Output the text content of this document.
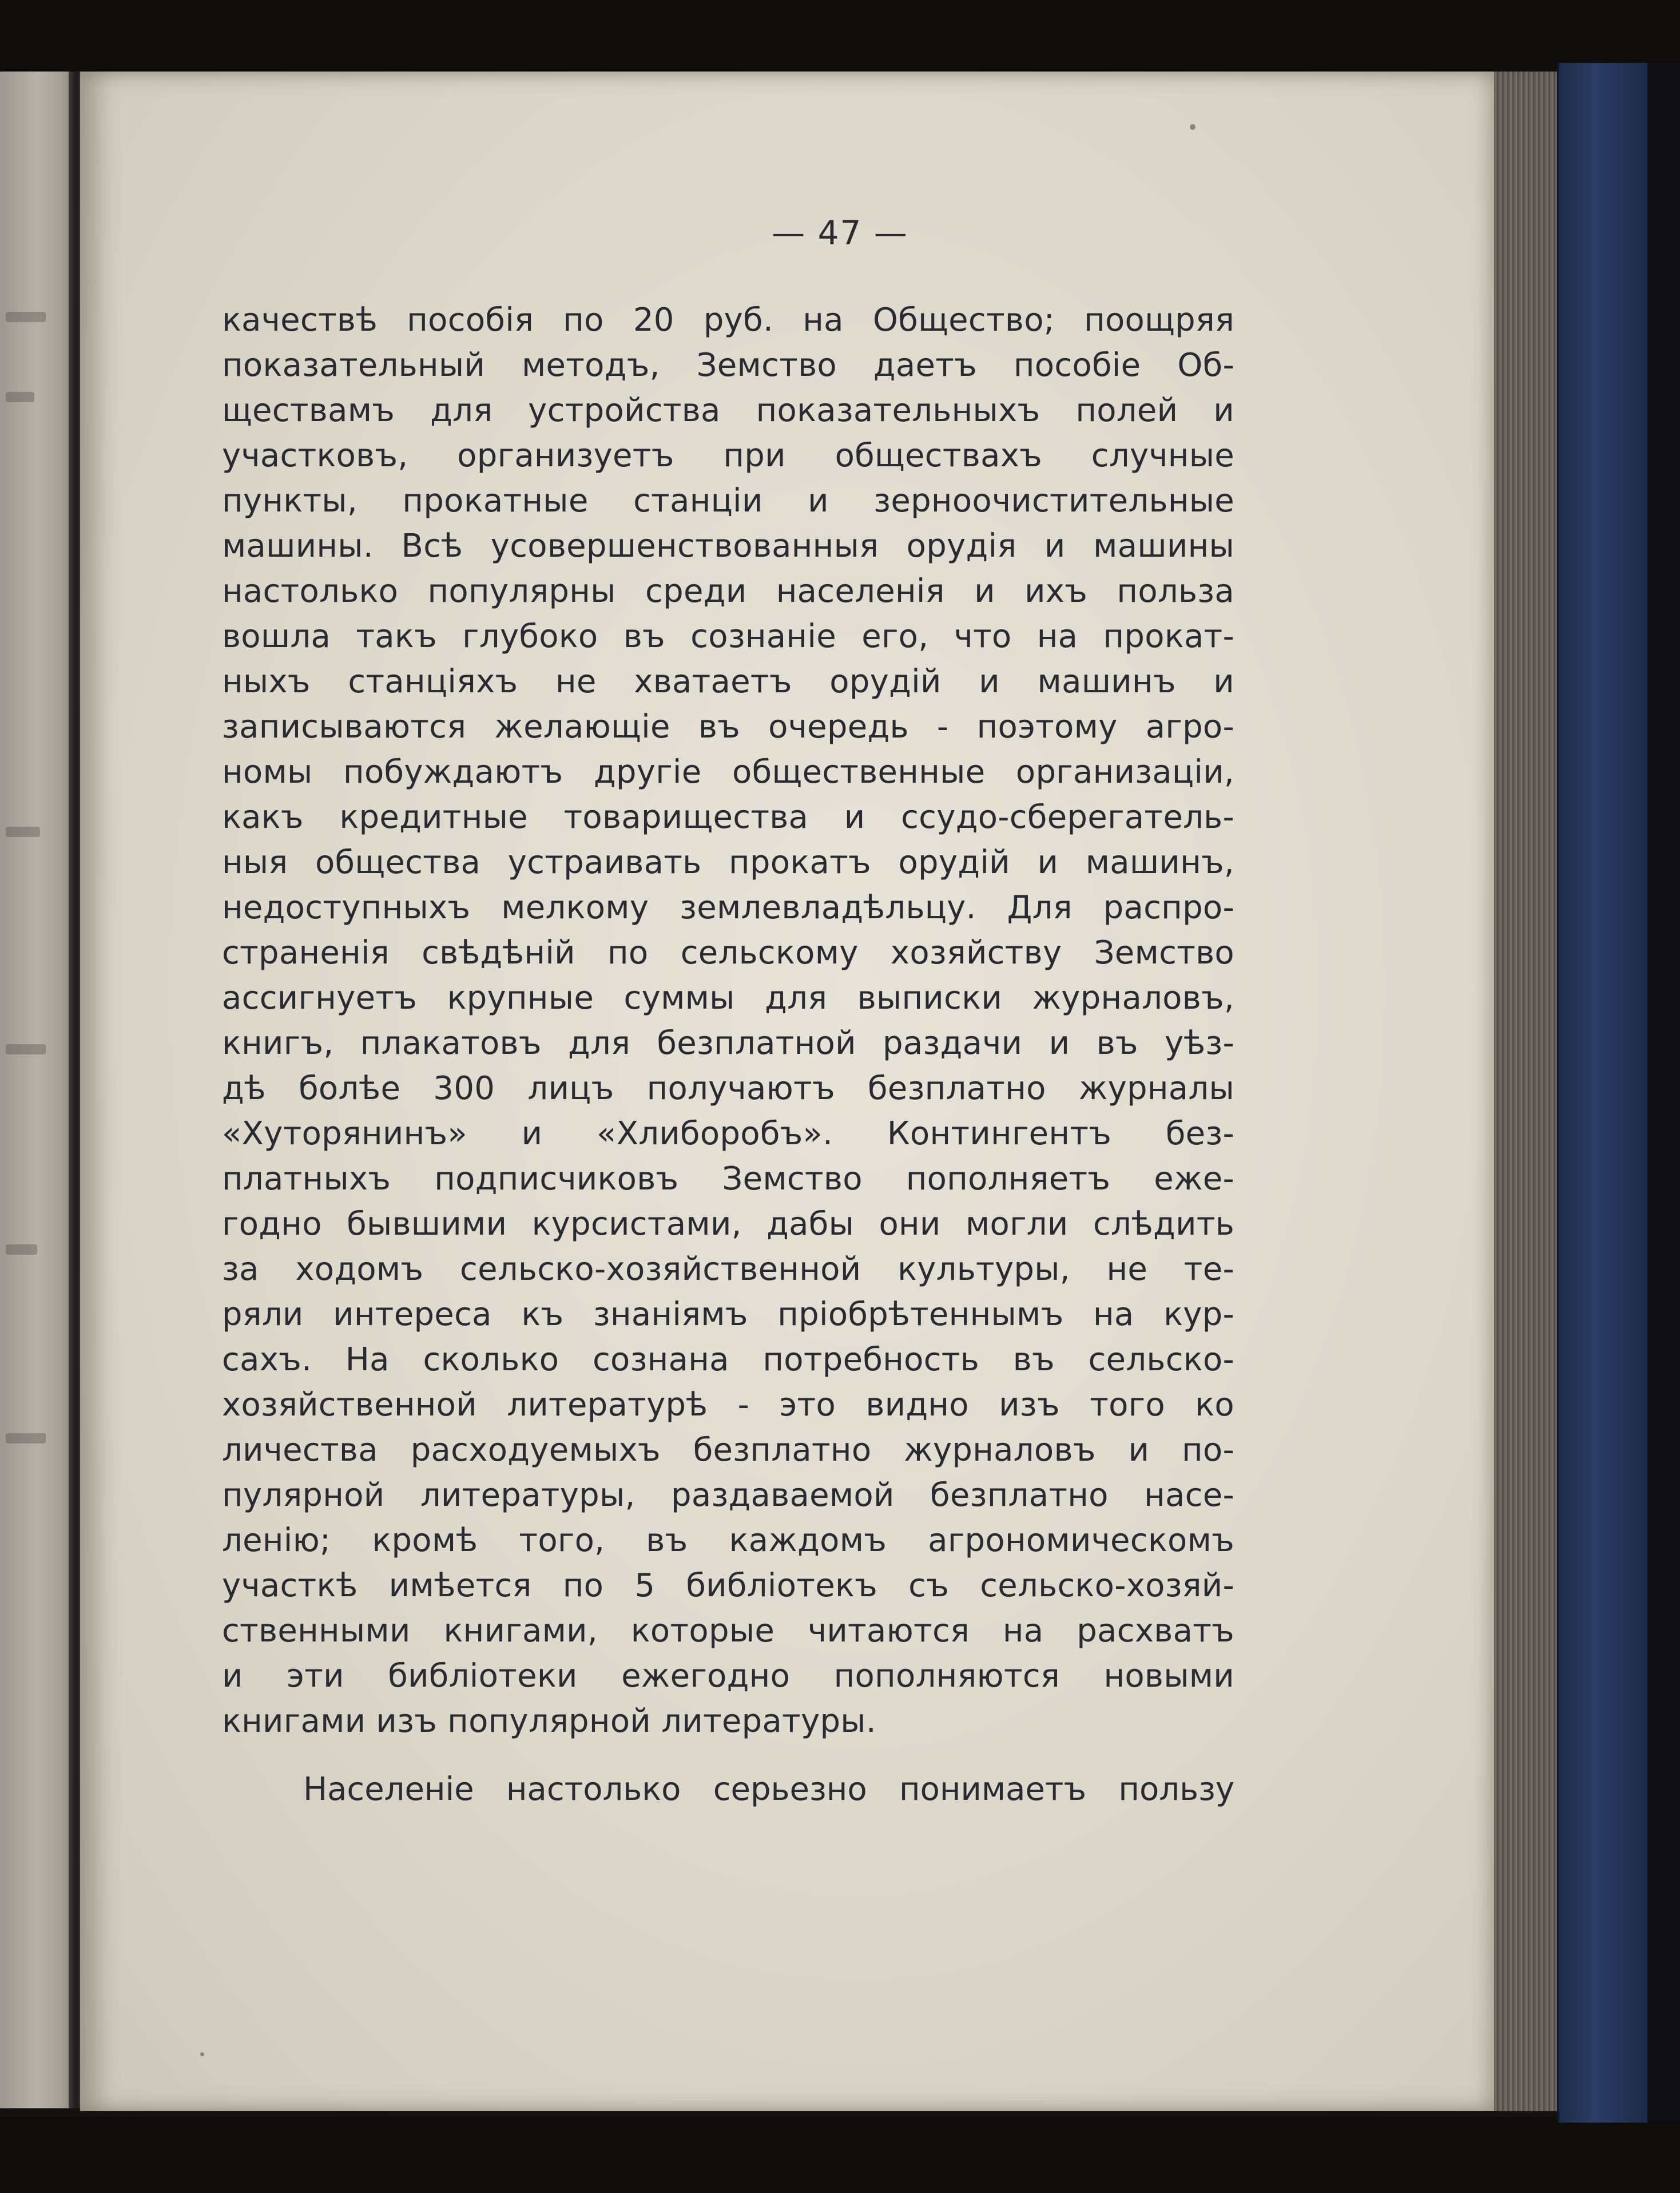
— 47 —

качествѣ пособія по 20 руб. на Общество; поощряя
показательный методъ, Земство даетъ пособіе Об-
ществамъ для устройства показательныхъ полей и
участковъ, организуетъ при обществахъ случные
пункты, прокатные станціи и зерноочистительные
машины. Всѣ усовершенствованныя орудія и машины
настолько популярны среди населенія и ихъ польза
вошла такъ глубоко въ сознаніе его, что на прокат-
ныхъ станціяхъ не хватаетъ орудій и машинъ и
записываются желающіе въ очередь - поэтому агро-
номы побуждаютъ другіе общественные организаціи,
какъ кредитные товарищества и ссудо-сберегатель-
ныя общества устраивать прокатъ орудій и машинъ,
недоступныхъ мелкому землевладѣльцу. Для распро-
страненія свѣдѣній по сельскому хозяйству Земство
ассигнуетъ крупные суммы для выписки журналовъ,
книгъ, плакатовъ для безплатной раздачи и въ уѣз-
дѣ болѣе 300 лицъ получаютъ безплатно журналы
«Хуторянинъ» и «Хлиборобъ». Контингентъ без-
платныхъ подписчиковъ Земство пополняетъ еже-
годно бывшими курсистами, дабы они могли слѣдить
за ходомъ сельско-хозяйственной культуры, не те-
ряли интереса къ знаніямъ пріобрѣтеннымъ на кур-
сахъ. На сколько сознана потребность въ сельско-
хозяйственной литературѣ - это видно изъ того ко
личества расходуемыхъ безплатно журналовъ и по-
пулярной литературы, раздаваемой безплатно насе-
ленію; кромѣ того, въ каждомъ агрономическомъ
участкѣ имѣется по 5 библіотекъ съ сельско-хозяй-
ственными книгами, которые читаются на расхватъ
и эти библіотеки ежегодно пополняются новыми
книгами изъ популярной литературы.
Населеніе настолько серьезно понимаетъ пользу
